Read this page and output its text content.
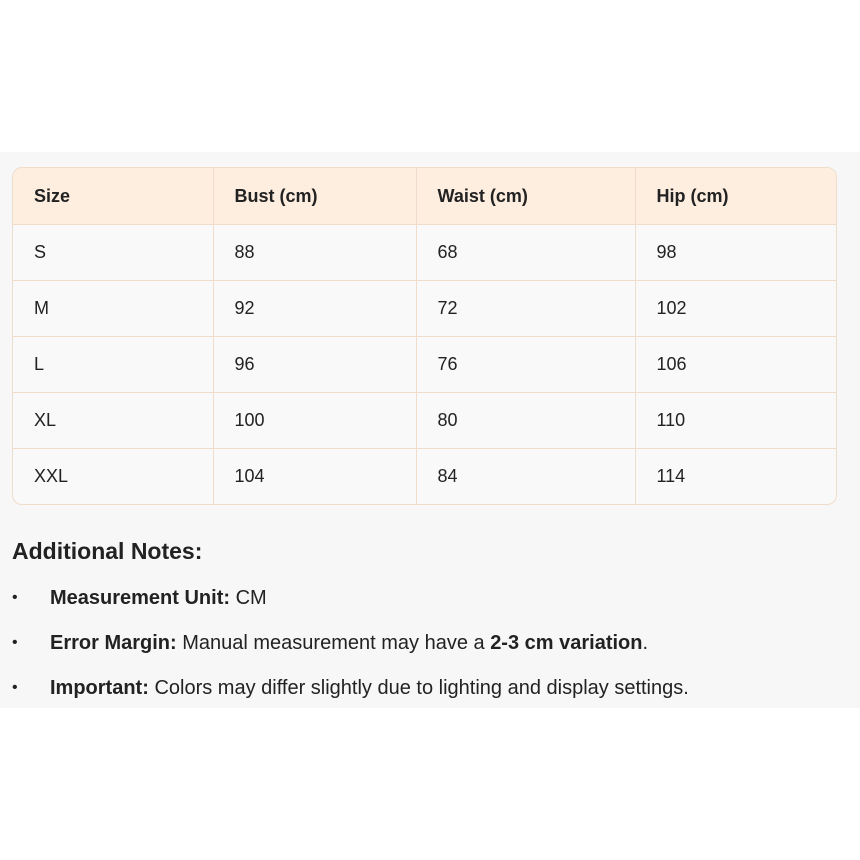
Size	Bust (cm)	Waist (cm)	Hip (cm)
S	88	68	98
M	92	72	102
L	96	76	106
XL	100	80	110
XXL	104	84	114
Additional Notes:
• Measurement Unit: CM
• Error Margin: Manual measurement may have a 2-3 cm variation.
• Important: Colors may differ slightly due to lighting and display settings.
